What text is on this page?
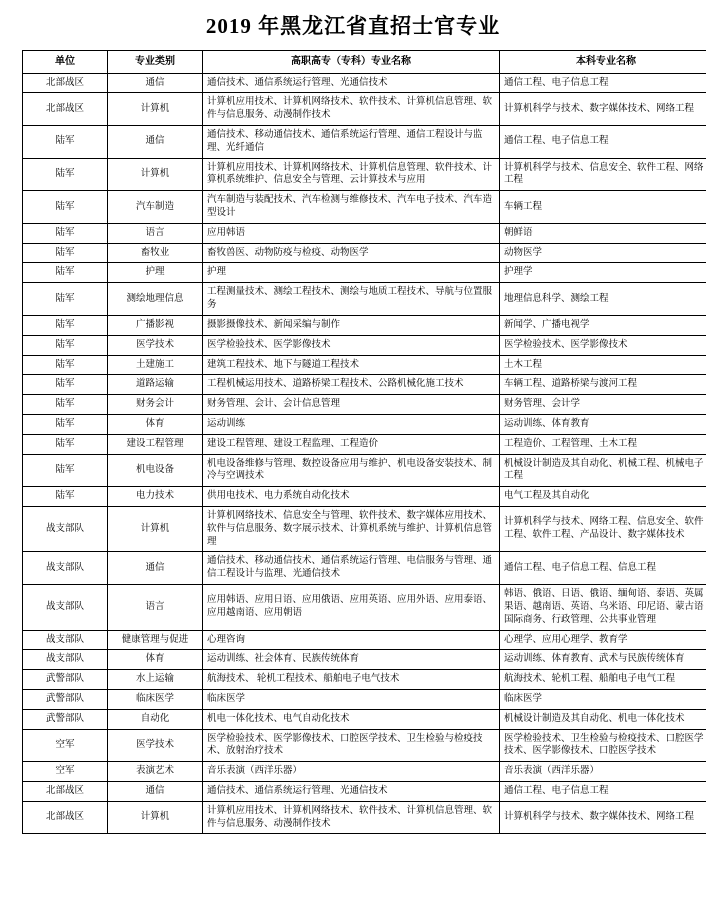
2019 年黑龙江省直招士官专业
单位	专业类别	高职高专（专科）专业名称	本科专业名称
北部战区	通信	通信技术、通信系统运行管理、光通信技术	通信工程、电子信息工程
北部战区	计算机	计算机应用技术、计算机网络技术、软件技术、计算机信息管理、软件与信息服务、动漫制作技术	计算机科学与技术、数字媒体技术、网络工程
陆军	通信	通信技术、移动通信技术、通信系统运行管理、通信工程设计与监理、光纤通信	通信工程、电子信息工程
陆军	计算机	计算机应用技术、计算机网络技术、计算机信息管理、软件技术、计算机系统维护、信息安全与管理、云计算技术与应用	计算机科学与技术、信息安全、软件工程、网络工程
陆军	汽车制造	汽车制造与装配技术、汽车检测与维修技术、汽车电子技术、汽车造型设计	车辆工程
陆军	语言	应用韩语	朝鲜语
陆军	畜牧业	畜牧兽医、动物防疫与检疫、动物医学	动物医学
陆军	护理	护理	护理学
陆军	测绘地理信息	工程测量技术、测绘工程技术、测绘与地质工程技术、导航与位置服务	地理信息科学、测绘工程
陆军	广播影视	摄影摄像技术、新闻采编与制作	新闻学、广播电视学
陆军	医学技术	医学检验技术、医学影像技术	医学检验技术、医学影像技术
陆军	土建施工	建筑工程技术、地下与隧道工程技术	土木工程
陆军	道路运输	工程机械运用技术、道路桥梁工程技术、公路机械化施工技术	车辆工程、道路桥梁与渡河工程
陆军	财务会计	财务管理、会计、会计信息管理	财务管理、会计学
陆军	体育	运动训练	运动训练、体育教育
陆军	建设工程管理	建设工程管理、建设工程监理、工程造价	工程造价、工程管理、土木工程
陆军	机电设备	机电设备维修与管理、数控设备应用与维护、机电设备安装技术、制冷与空调技术	机械设计制造及其自动化、机械工程、机械电子工程
陆军	电力技术	供用电技术、电力系统自动化技术	电气工程及其自动化
战支部队	计算机	计算机网络技术、信息安全与管理、软件技术、数字媒体应用技术、软件与信息服务、数字展示技术、计算机系统与维护、计算机信息管理	计算机科学与技术、网络工程、信息安全、软件工程、软件工程、产品设计、数字媒体技术
战支部队	通信	通信技术、移动通信技术、通信系统运行管理、电信服务与管理、通信工程设计与监理、光通信技术	通信工程、电子信息工程、信息工程
战支部队	语言	应用韩语、应用日语、应用俄语、应用英语、应用外语、应用泰语、应用越南语、应用朝语	韩语、俄语、日语、俄语、缅甸语、泰语、英属果语、越南语、英语、乌米语、印尼语、蒙古语国际商务、行政管理、公共事业管理
战支部队	健康管理与促进	心理咨询	心理学、应用心理学、教育学
战支部队	体育	运动训练、社会体育、民族传统体育	运动训练、体育教育、武术与民族传统体育
武警部队	水上运输	航海技术、 轮机工程技术、船舶电子电气技术	航海技术、轮机工程、船舶电子电气工程
武警部队	临床医学	临床医学	临床医学
武警部队	自动化	机电一体化技术、电气自动化技术	机械设计制造及其自动化、机电一体化技术
空军	医学技术	医学检验技术、医学影像技术、口腔医学技术、卫生检验与检疫技术、放射治疗技术	医学检验技术、卫生检验与检疫技术、口腔医学技术、医学影像技术、口腔医学技术
空军	表演艺术	音乐表演（西洋乐器）	音乐表演（西洋乐器）
北部战区	通信	通信技术、通信系统运行管理、光通信技术	通信工程、电子信息工程
北部战区	计算机	计算机应用技术、计算机网络技术、软件技术、计算机信息管理、软件与信息服务、动漫制作技术	计算机科学与技术、数字媒体技术、网络工程
